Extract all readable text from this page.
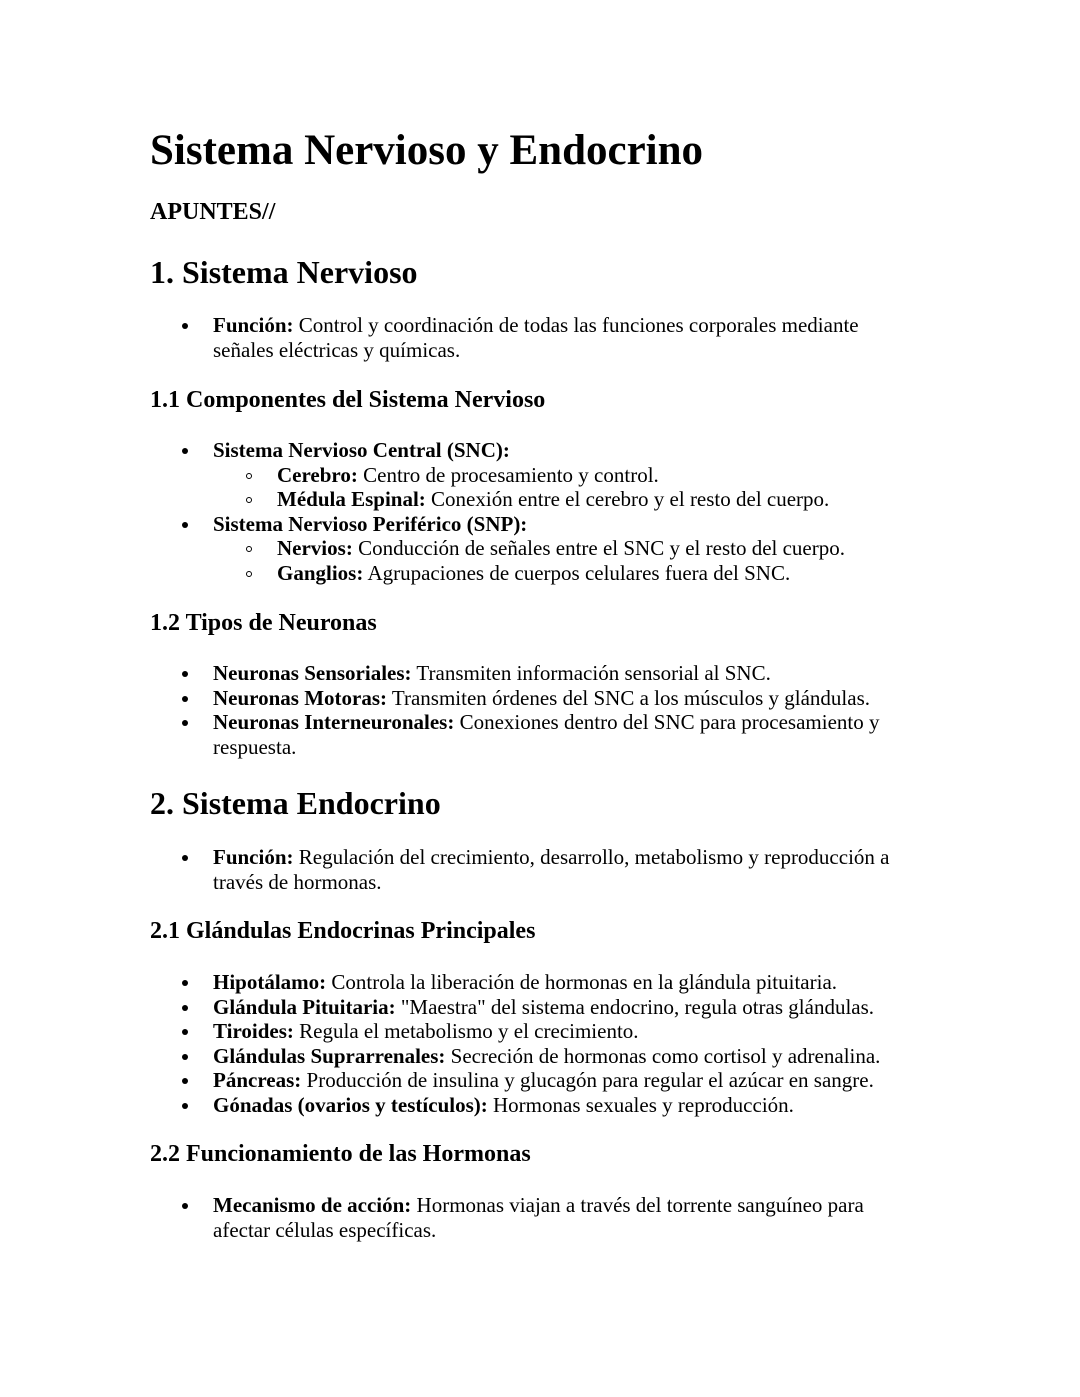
Sistema Nervioso y Endocrino

APUNTES//

1. Sistema Nervioso
Función: Control y coordinación de todas las funciones corporales mediante señales eléctricas y químicas.
1.1 Componentes del Sistema Nervioso
Sistema Nervioso Central (SNC):
Cerebro: Centro de procesamiento y control.
Médula Espinal: Conexión entre el cerebro y el resto del cuerpo.
Sistema Nervioso Periférico (SNP):
Nervios: Conducción de señales entre el SNC y el resto del cuerpo.
Ganglios: Agrupaciones de cuerpos celulares fuera del SNC.
1.2 Tipos de Neuronas
Neuronas Sensoriales: Transmiten información sensorial al SNC.
Neuronas Motoras: Transmiten órdenes del SNC a los músculos y glándulas.
Neuronas Interneuronales: Conexiones dentro del SNC para procesamiento y respuesta.
2. Sistema Endocrino
Función: Regulación del crecimiento, desarrollo, metabolismo y reproducción a través de hormonas.
2.1 Glándulas Endocrinas Principales
Hipotálamo: Controla la liberación de hormonas en la glándula pituitaria.
Glándula Pituitaria: "Maestra" del sistema endocrino, regula otras glándulas.
Tiroides: Regula el metabolismo y el crecimiento.
Glándulas Suprarrenales: Secreción de hormonas como cortisol y adrenalina.
Páncreas: Producción de insulina y glucagón para regular el azúcar en sangre.
Gónadas (ovarios y testículos): Hormonas sexuales y reproducción.
2.2 Funcionamiento de las Hormonas
Mecanismo de acción: Hormonas viajan a través del torrente sanguíneo para afectar células específicas.
